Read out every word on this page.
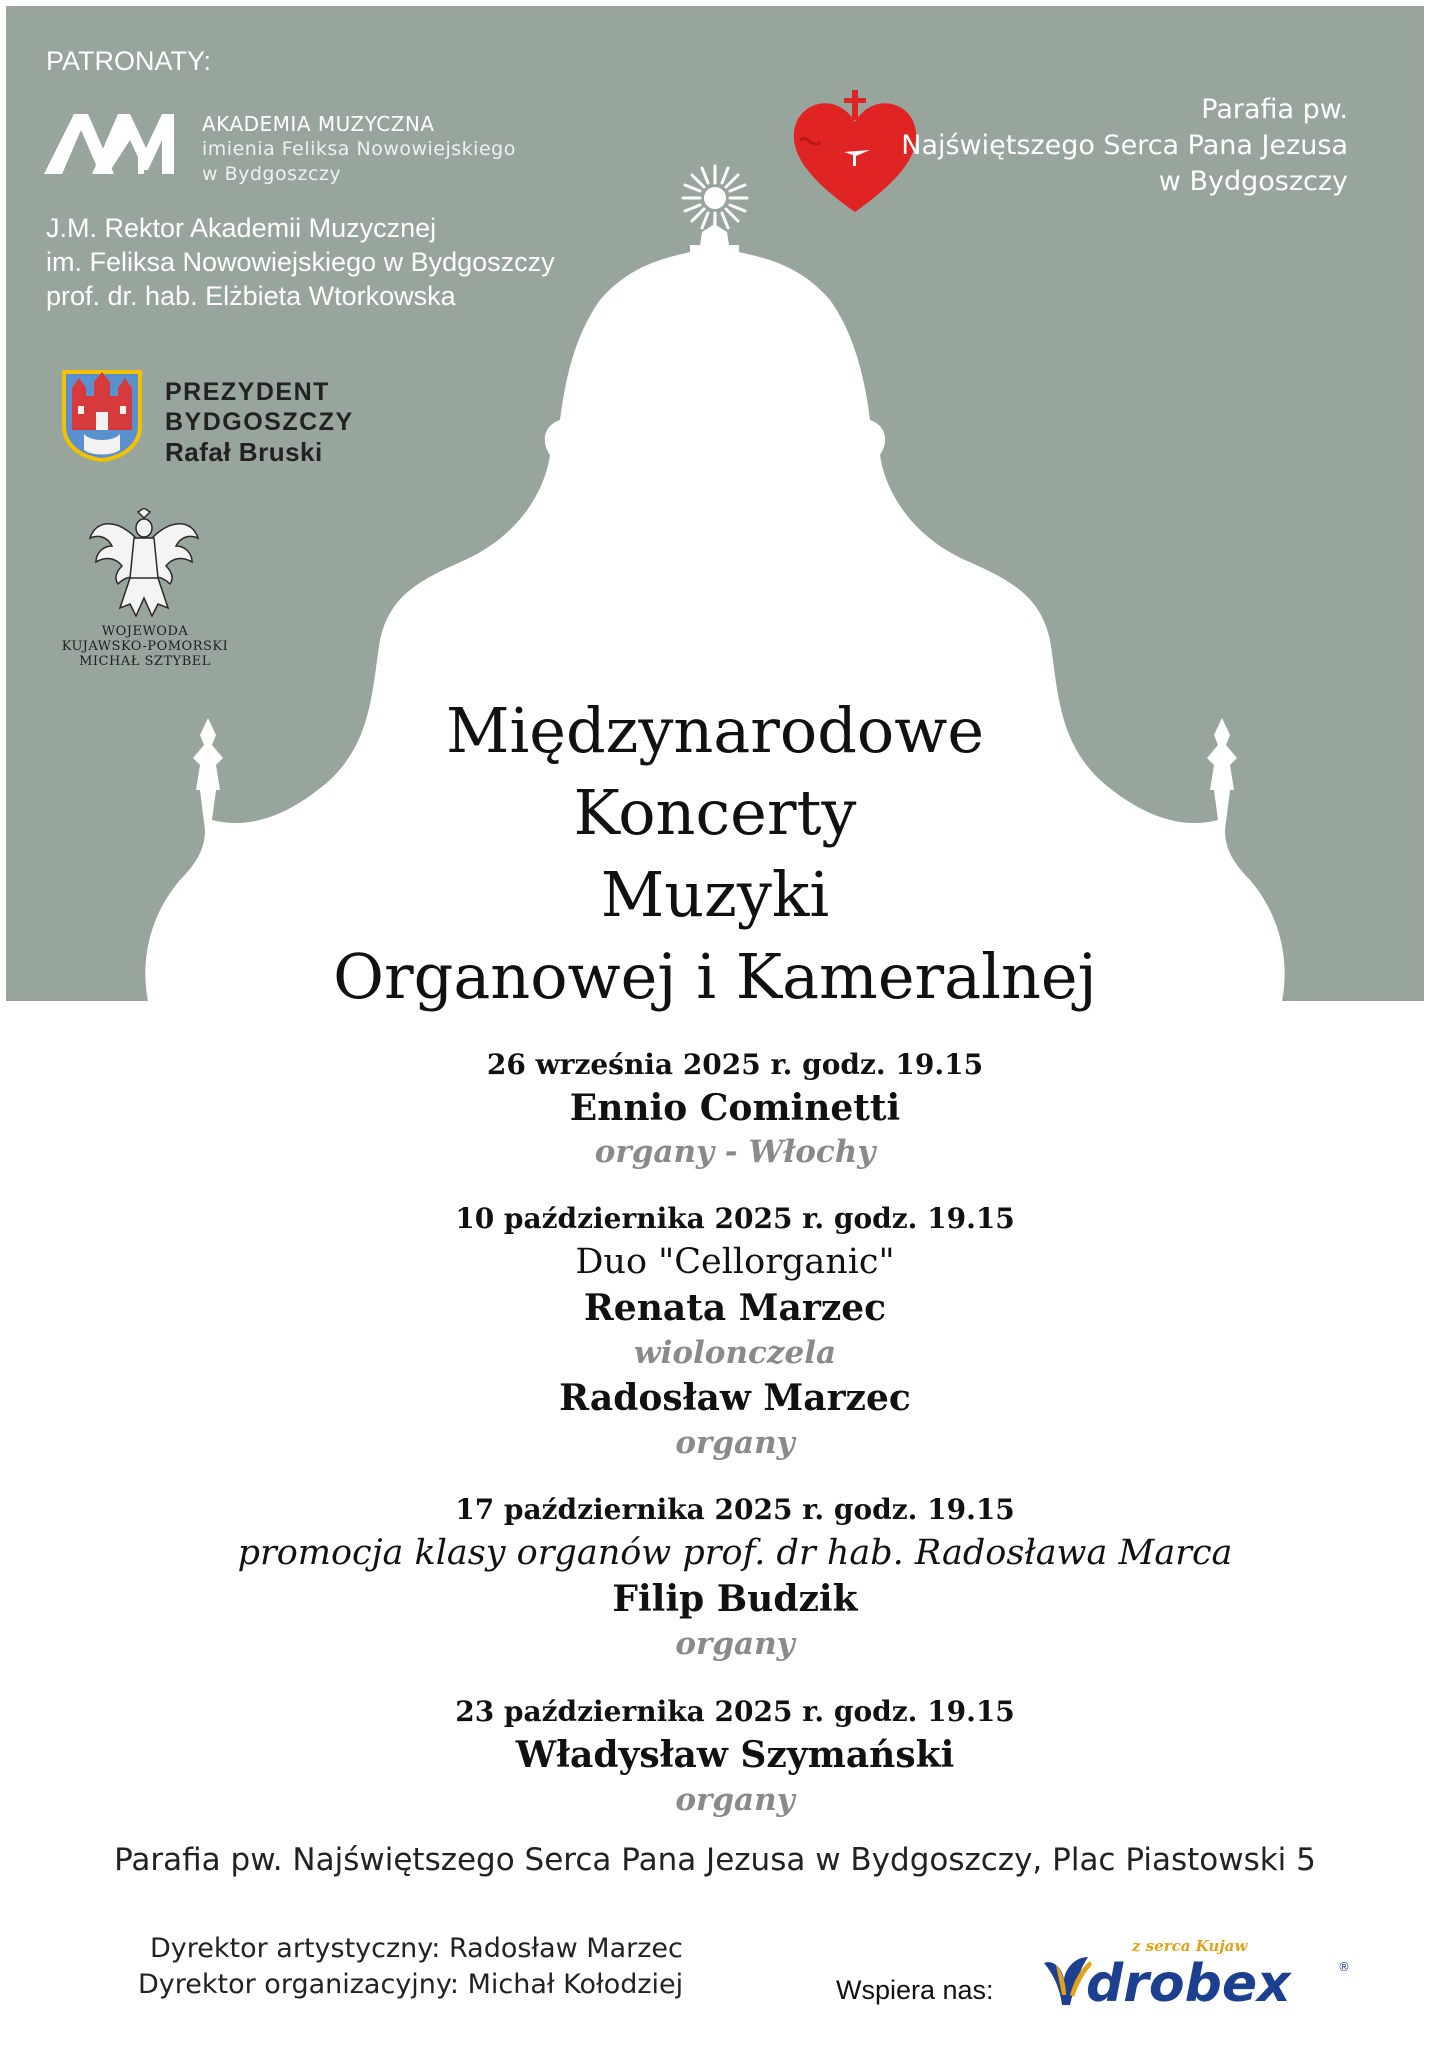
PATRONATY:
AKADEMIA MUZYCZNA
imienia Feliksa Nowowiejskiego
w Bydgoszczy
J.M. Rektor Akademii Muzycznej
im. Feliksa Nowowiejskiego w Bydgoszczy
prof. dr. hab. Elżbieta Wtorkowska
Parafia pw.
Najświętszego Serca Pana Jezusa
w Bydgoszczy
PREZYDENT
BYDGOSZCZY
Rafał Bruski
WOJEWODA
KUJAWSKO-POMORSKI
MICHAŁ SZTYBEL
Międzynarodowe
Koncerty
Muzyki
Organowej i Kameralnej
26 września 2025 r. godz. 19.15
Ennio Cominetti
organy - Włochy
10 października 2025 r. godz. 19.15
Duo "Cellorganic"
Renata Marzec
wiolonczela
Radosław Marzec
organy
17 października 2025 r. godz. 19.15
promocja klasy organów prof. dr hab. Radosława Marca
Filip Budzik
organy
23 października 2025 r. godz. 19.15
Władysław Szymański
organy
Parafia pw. Najświętszego Serca Pana Jezusa w Bydgoszczy, Plac Piastowski 5
Dyrektor artystyczny: Radosław Marzec
Dyrektor organizacyjny: Michał Kołodziej	Wspiera nas:
z serca Kujaw
drobex	®
